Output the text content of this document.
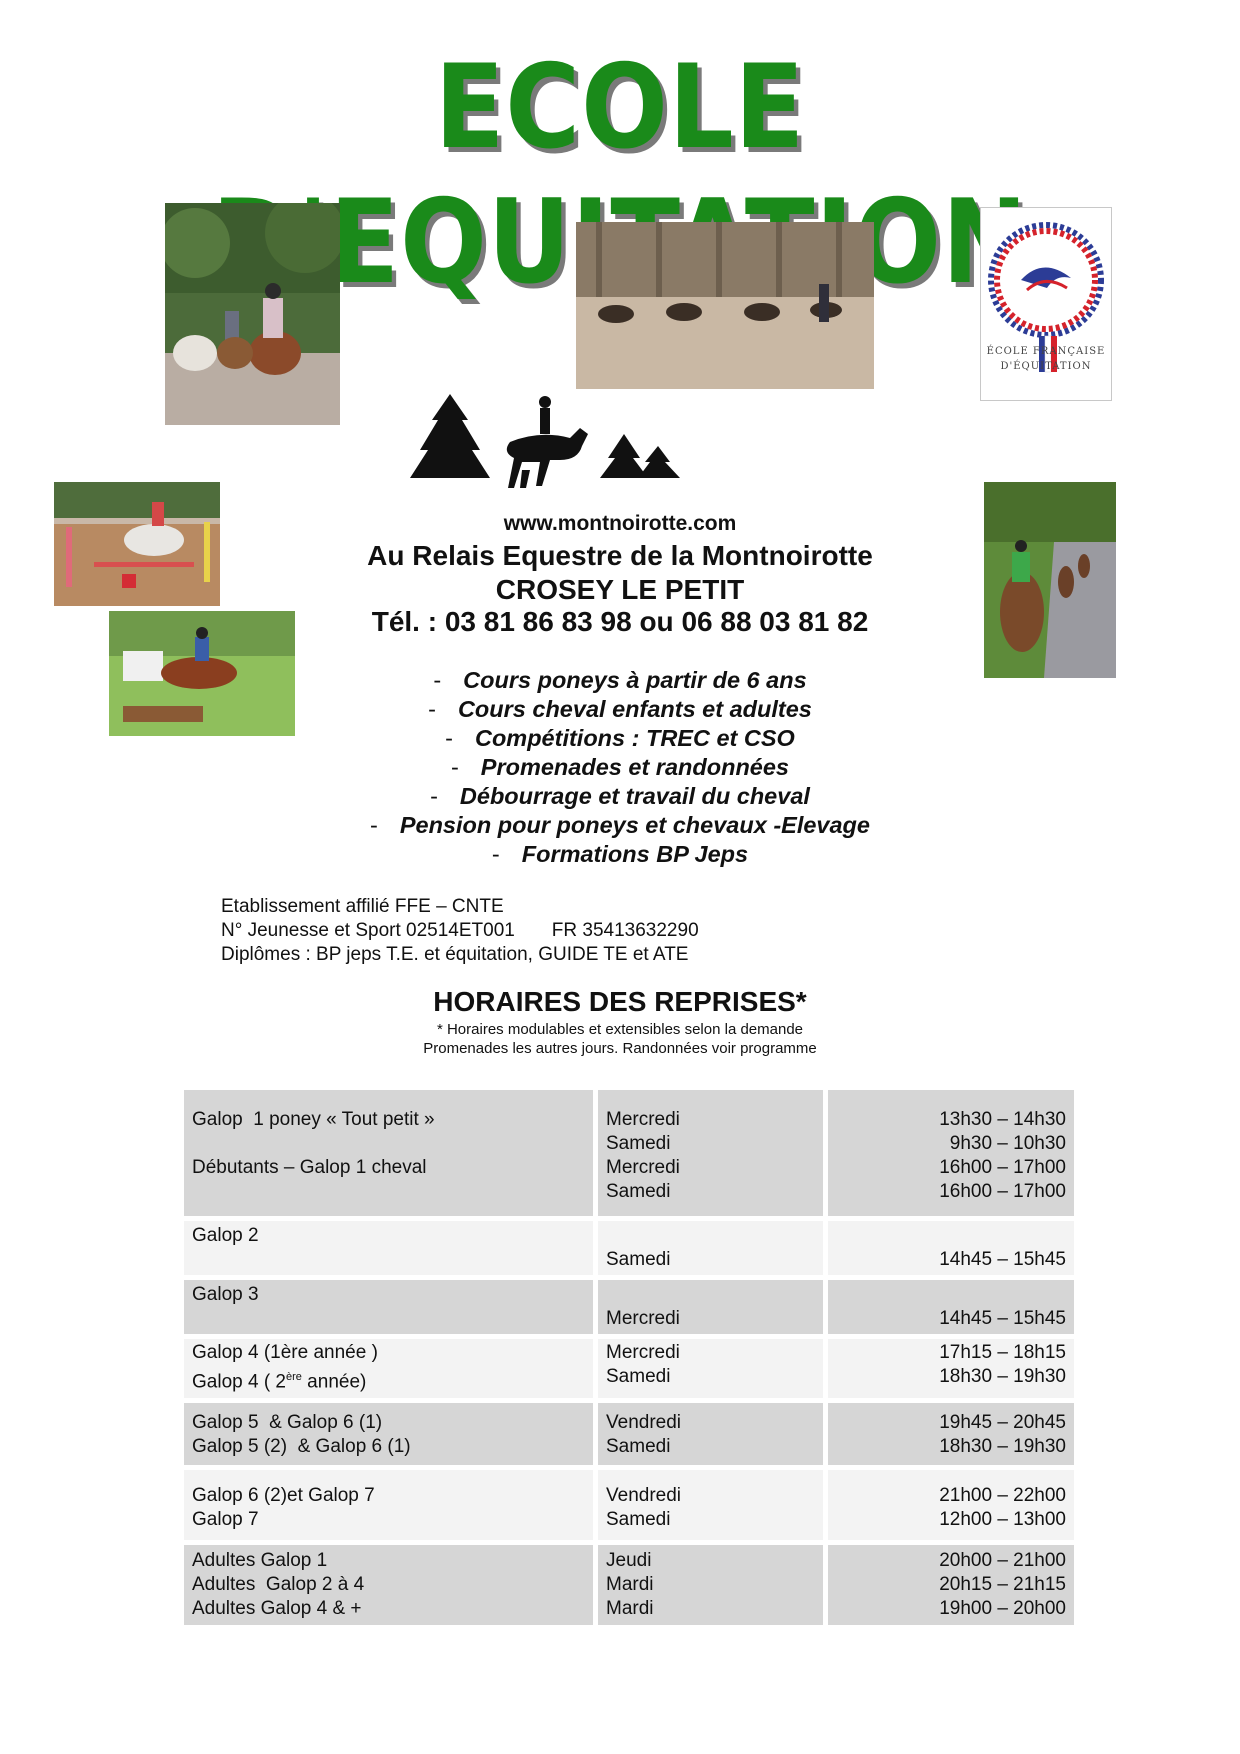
ECOLE
ÉCOLE FRANÇAISE
D'ÉQUITATION
www.montnoirotte.com
Au Relais Equestre de la Montnoirotte
CROSEY LE PETIT
Tél. : 03 81 86 83 98 ou 06 88 03 81 82
- Cours poneys à partir de 6 ans
- Cours cheval enfants et adultes
- Compétitions : TREC et CSO
- Promenades et randonnées
- Débourrage et travail du cheval
- Pension pour poneys et chevaux -Elevage
- Formations BP Jeps
Etablissement affilié FFE – CNTE
N° Jeunesse et Sport 02514ET001       FR 35413632290
Diplômes : BP jeps T.E. et équitation, GUIDE TE et ATE
HORAIRES DES REPRISES*
* Horaires modulables et extensibles selon la demande
Promenades les autres jours. Randonnées voir programme
Galop  1 poney « Tout petit »
Débutants – Galop 1 cheval
Mercredi
Samedi
Mercredi
Samedi
13h30 – 14h30
9h30 – 10h30
16h00 – 17h00
16h00 – 17h00
Galop 2
Samedi	14h45 – 15h45
Galop 3
Mercredi	14h45 – 15h45
Galop 4 (1ère année )
Galop 4 ( 2ère année)
Mercredi
Samedi
17h15 – 18h15
18h30 – 19h30
Galop 5  & Galop 6 (1)
Galop 5 (2)  & Galop 6 (1)
Vendredi
Samedi
19h45 – 20h45
18h30 – 19h30
Galop 6 (2)et Galop 7
Galop 7
Vendredi
Samedi
21h00 – 22h00
12h00 – 13h00
Adultes Galop 1
Adultes  Galop 2 à 4
Adultes Galop 4 & +
Jeudi
Mardi
Mardi
20h00 – 21h00
20h15 – 21h15
19h00 – 20h00
